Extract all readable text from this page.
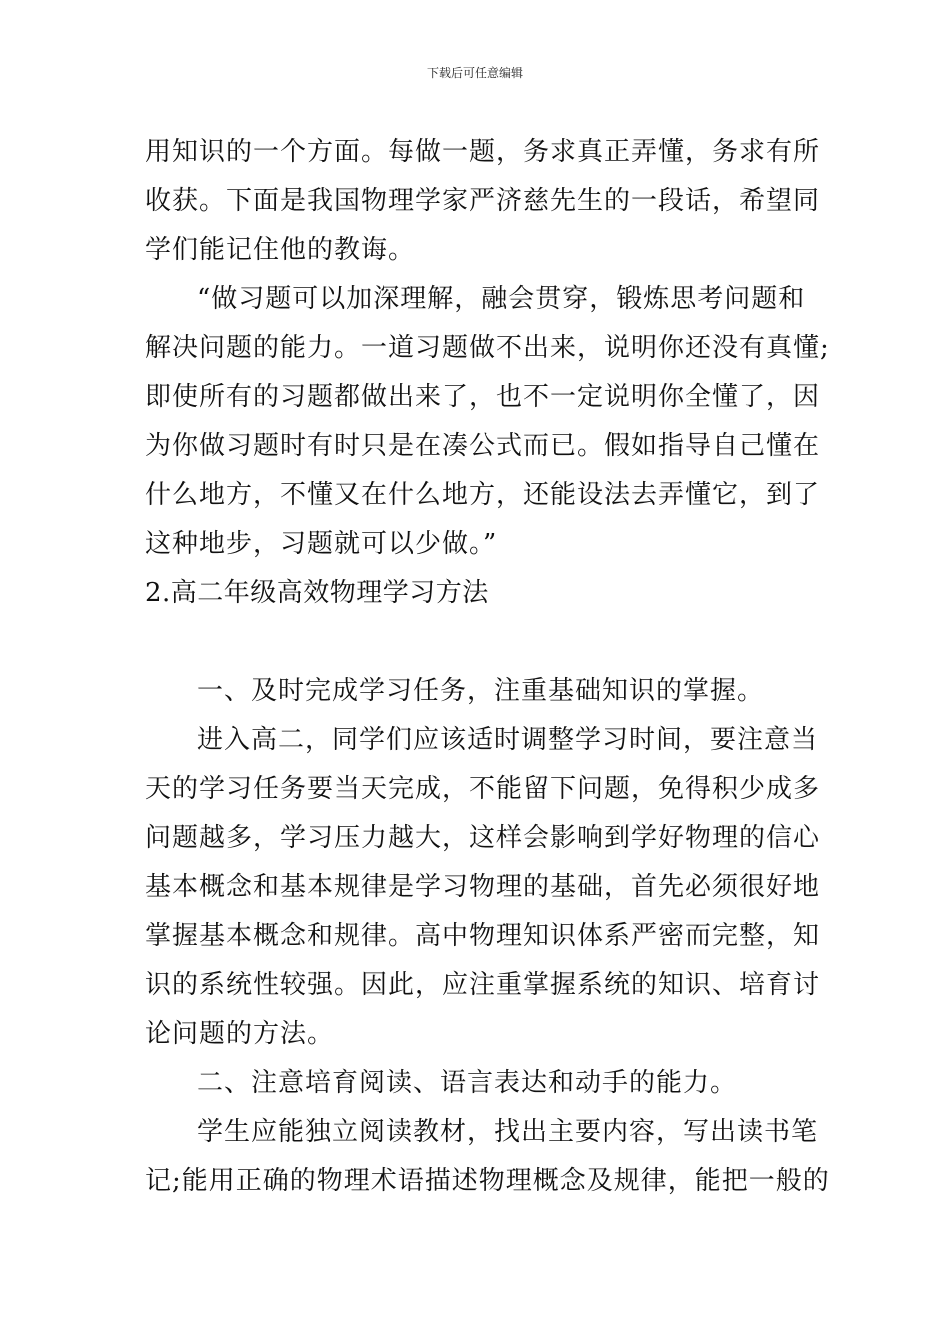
下载后可任意编辑
用知识的一个方面。每做一题，务求真正弄懂，务求有所
收获。下面是我国物理学家严济慈先生的一段话，希望同
学们能记住他的教诲。
“做习题可以加深理解，融会贯穿，锻炼思考问题和
解决问题的能力。一道习题做不出来，说明你还没有真懂;
即使所有的习题都做出来了，也不一定说明你全懂了，因
为你做习题时有时只是在凑公式而已。假如指导自己懂在
什么地方，不懂又在什么地方，还能设法去弄懂它，到了
这种地步，习题就可以少做。”
2.高二年级高效物理学习方法
一、及时完成学习任务，注重基础知识的掌握。
进入高二，同学们应该适时调整学习时间，要注意当
天的学习任务要当天完成，不能留下问题，免得积少成多
问题越多，学习压力越大，这样会影响到学好物理的信心
基本概念和基本规律是学习物理的基础，首先必须很好地
掌握基本概念和规律。高中物理知识体系严密而完整，知
识的系统性较强。因此，应注重掌握系统的知识、培育讨
论问题的方法。
二、注意培育阅读、语言表达和动手的能力。
学生应能独立阅读教材，找出主要内容，写出读书笔
记;能用正确的物理术语描述物理概念及规律，能把一般的
